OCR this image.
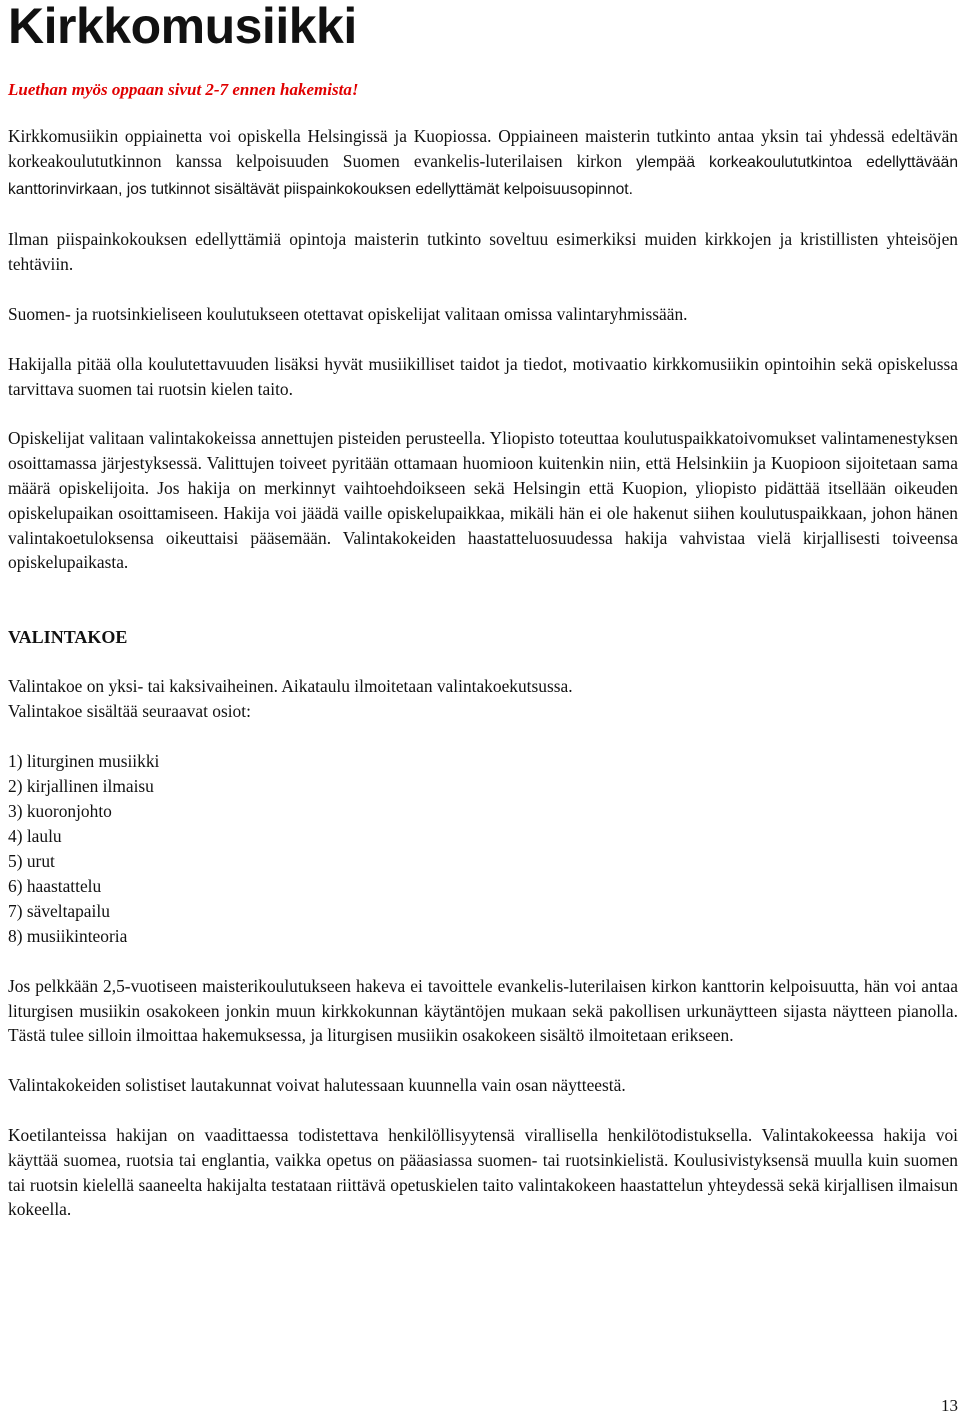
Kirkkomusiikki
Luethan myös oppaan sivut 2-7 ennen hakemista!

Kirkkomusiikin oppiainetta voi opiskella Helsingissä ja Kuopiossa. Oppiaineen maisterin tutkinto antaa yksin tai yhdessä edeltävän korkeakoulututkinnon kanssa kelpoisuuden Suomen evankelis-luterilaisen kirkon ylempää korkeakoulututkintoa edellyttävään kanttorinvirkaan, jos tutkinnot sisältävät piispainkokouksen edellyttämät kelpoisuusopinnot.

Ilman piispainkokouksen edellyttämiä opintoja maisterin tutkinto soveltuu esimerkiksi muiden kirkkojen ja kristillisten yhteisöjen tehtäviin.

Suomen- ja ruotsinkieliseen koulutukseen otettavat opiskelijat valitaan omissa valintaryhmissään.

Hakijalla pitää olla koulutettavuuden lisäksi hyvät musiikilliset taidot ja tiedot, motivaatio kirkkomusiikin opintoihin sekä opiskelussa tarvittava suomen tai ruotsin kielen taito.

Opiskelijat valitaan valintakokeissa annettujen pisteiden perusteella. Yliopisto toteuttaa koulutuspaikkatoivomukset valintamenestyksen osoittamassa järjestyksessä. Valittujen toiveet pyritään ottamaan huomioon kuitenkin niin, että Helsinkiin ja Kuopioon sijoitetaan sama määrä opiskelijoita. Jos hakija on merkinnyt vaihtoehdoikseen sekä Helsingin että Kuopion, yliopisto pidättää itsellään oikeuden opiskelupaikan osoittamiseen. Hakija voi jäädä vaille opiskelupaikkaa, mikäli hän ei ole hakenut siihen koulutuspaikkaan, johon hänen valintakoetuloksensa oikeuttaisi pääsemään. Valintakokeiden haastatteluosuudessa hakija vahvistaa vielä kirjallisesti toiveensa opiskelupaikasta.

VALINTAKOE

Valintakoe on yksi- tai kaksivaiheinen. Aikataulu ilmoitetaan valintakoekutsussa.

Valintakoe sisältää seuraavat osiot:

1) liturginen musiikki
2) kirjallinen ilmaisu
3) kuoronjohto
4) laulu
5) urut
6) haastattelu
7) säveltapailu
8) musiikinteoria

Jos pelkkään 2,5-vuotiseen maisterikoulutukseen hakeva ei tavoittele evankelis-luterilaisen kirkon kanttorin kelpoisuutta, hän voi antaa liturgisen musiikin osakokeen jonkin muun kirkkokunnan käytäntöjen mukaan sekä pakollisen urkunäytteen sijasta näytteen pianolla. Tästä tulee silloin ilmoittaa hakemuksessa, ja liturgisen musiikin osakokeen sisältö ilmoitetaan erikseen.

Valintakokeiden solistiset lautakunnat voivat halutessaan kuunnella vain osan näytteestä.

Koetilanteissa hakijan on vaadittaessa todistettava henkilöllisyytensä virallisella henkilötodistuksella. Valintakokeessa hakija voi käyttää suomea, ruotsia tai englantia, vaikka opetus on pääasiassa suomen- tai ruotsinkielistä. Koulusivistyksensä muulla kuin suomen tai ruotsin kielellä saaneelta hakijalta testataan riittävä opetuskielen taito valintakokeen haastattelun yhteydessä sekä kirjallisen ilmaisun kokeella.

13
